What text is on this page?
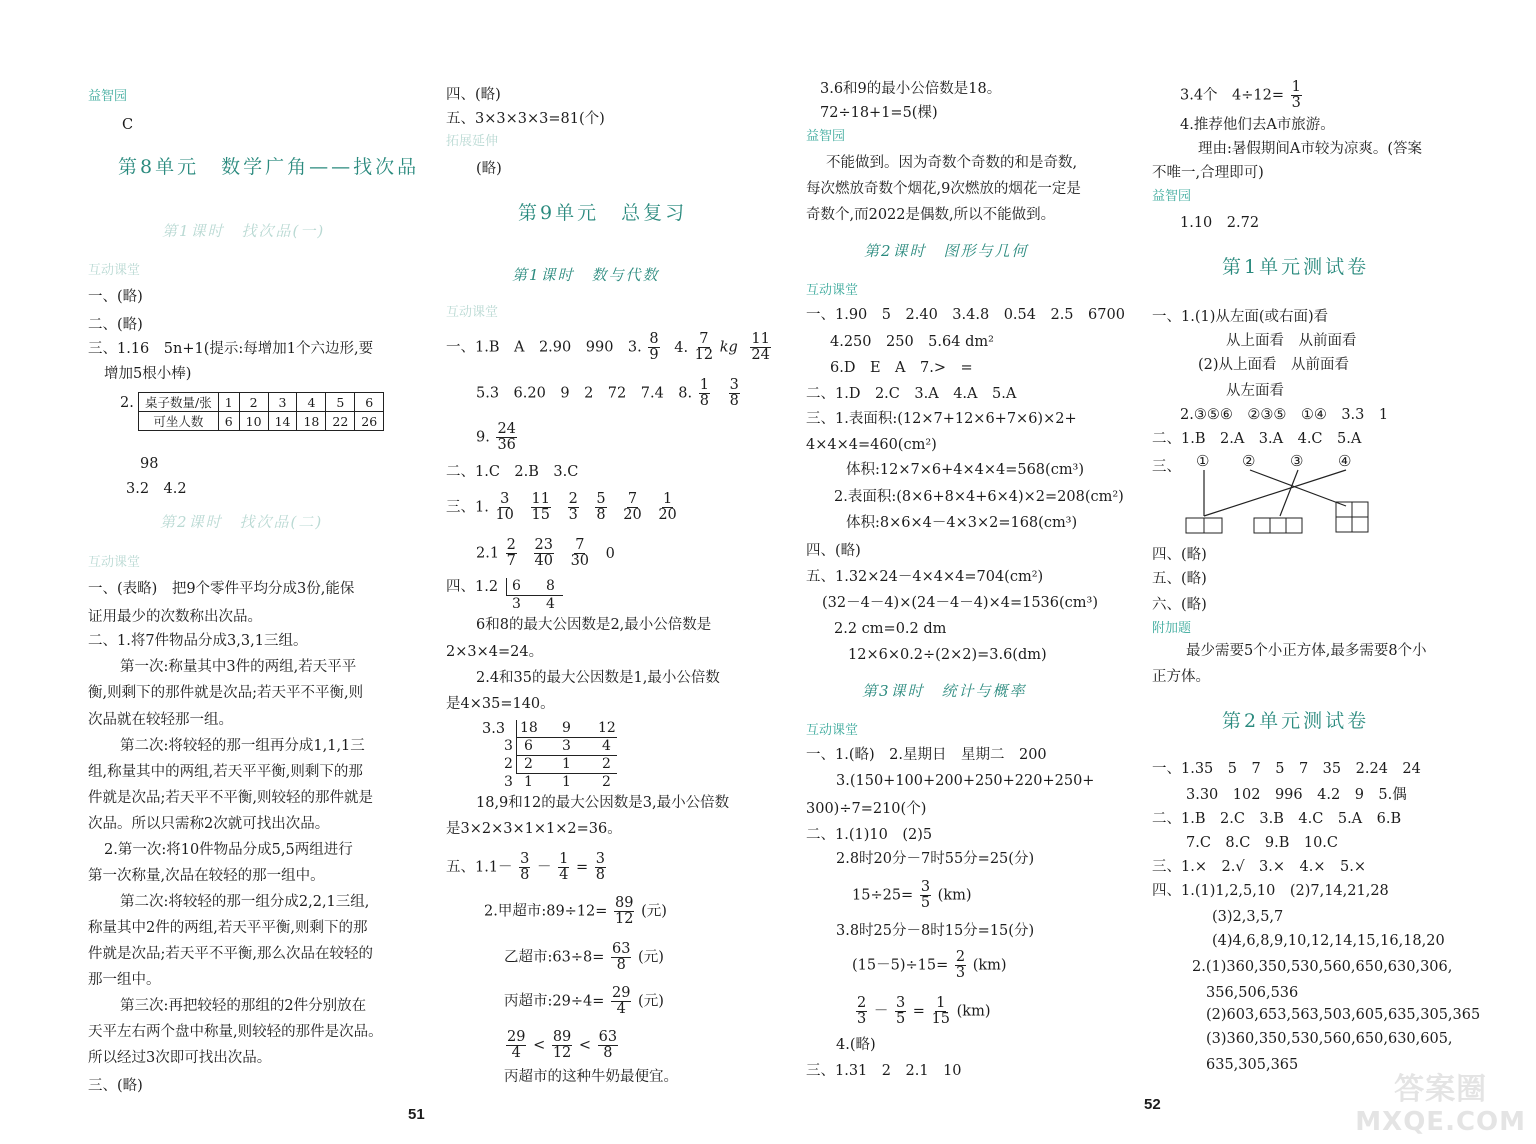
益智园
C
第8单元　数学广角——找次品
第1课时　找次品(一)
互动课堂
一、(略)
二、(略)
三、1.16　5n+1(提示:每增加1个六边形,要
增加5根小棒)
2. 桌子数量/张	1	2	3	4	5	6
可坐人数	6	10	14	18	22	26
98
3.2　4.2
第2课时　找次品(二)
互动课堂
一、(表略)　把9个零件平均分成3份,能保
证用最少的次数称出次品。
二、1.将7件物品分成3,3,1三组。
第一次:称量其中3件的两组,若天平平
衡,则剩下的那件就是次品;若天平不平衡,则
次品就在较轻那一组。
第二次:将较轻的那一组再分成1,1,1三
组,称量其中的两组,若天平平衡,则剩下的那
件就是次品;若天平不平衡,则较轻的那件就是
次品。所以只需称2次就可找出次品。
2.第一次:将10件物品分成5,5两组进行
第一次称量,次品在较轻的那一组中。
第二次:将较轻的那一组分成2,2,1三组,
称量其中2件的两组,若天平平衡,则剩下的那
件就是次品;若天平不平衡,那么次品在较轻的
那一组中。
第三次:再把较轻的那组的2件分别放在
天平左右两个盘中称量,则较轻的那件是次品。
所以经过3次即可找出次品。
三、(略)
51
四、(略)
五、3×3×3×3=81(个)
拓展延伸
(略)
第9单元　总复习
第1课时　数与代数
互动课堂
一、1.B　A　2.90　990　3. $\frac{8}{9} 4$. $\frac{7}{12}$ kg $\frac{11}{24}$
5.3　6.20　9　2　72　7.4　8. $\frac{1}{8}$
$\frac{3}{8}$
9. $\frac{24}{36}$
二、1.C　2.B　3.C
三、1. $\frac{3}{10}$
$\frac{11}{15}$
$\frac{2}{3}$
$\frac{5}{8}$
$\frac{7}{20}$
$\frac{1}{20}$
$2.1 \frac{2}{7}$
$\frac{23}{40}$
$\frac{7}{30} 0$
四、1.2 6 8
3 4
6和8的最大公因数是2,最小公倍数是
2×3×4=24。
2.4和35的最大公因数是1,最小公倍数
是4×35=140。
3.3
3
2
3
18 9 12
6 3 4
2 1 2
1 1 2
18,9和12的最大公因数是3,最小公倍数
是3×2×3×1×1×2=36。
五、$1.1- \frac{3}{8} - \frac{1}{4} = \frac{3}{8}$
2.甲超市:89÷12= $\frac{89}{12}$ (元)
乙超市:63÷8= $\frac{63}{8}$ (元)
丙超市:29÷4= $\frac{29}{4}$ (元)
$\frac{29}{4} < \frac{89}{12} < \frac{63}{8}$
丙超市的这种牛奶最便宜。
3.6和9的最小公倍数是18。
72÷18+1=5(棵)
益智园
不能做到。因为奇数个奇数的和是奇数,
每次燃放奇数个烟花,9次燃放的烟花一定是
奇数个,而2022是偶数,所以不能做到。
第2课时　图形与几何
互动课堂
一、1.90　5　2.40　3.4.8　0.54　2.5　6700
4.250　250　5.64 dm²
6.D　E　A　7.>　=
二、1.D　2.C　3.A　4.A　5.A
三、1.表面积:(12×7+12×6+7×6)×2+
4×4×4=460(cm²)
体积:12×7×6+4×4×4=568(cm³)
2.表面积:(8×6+8×4+6×4)×2=208(cm²)
体积:8×6×4－4×3×2=168(cm³)
四、(略)
五、1.32×24－4×4×4=704(cm²)
(32－4－4)×(24－4－4)×4=1536(cm³)
2.2 cm=0.2 dm
12×6×0.2÷(2×2)=3.6(dm)
第3课时　统计与概率
互动课堂
一、1.(略)　2.星期日　星期二　200
3.(150+100+200+250+220+250+
300)÷7=210(个)
二、1.(1)10　(2)5
2.8时20分－7时55分=25(分)
$15\div 25= \frac{3}{5} (km)$
3.8时25分－8时15分=15(分)
$(15-5)\div 15= \frac{2}{3} (km)$
$\frac{2}{3} - \frac{3}{5} = \frac{1}{15} (km)$
4.(略)
三、1.31　2　2.1　10
3.4个　$4\div 12= \frac{1}{3}$
4.推荐他们去A市旅游。
理由:暑假期间A市较为凉爽。(答案
不唯一,合理即可)
益智园
1.10　2.72
第1单元测试卷
一、1.(1)从左面(或右面)看
从上面看　从前面看
(2)从上面看　从前面看
从左面看
2.③⑤⑥　②③⑤　①④　3.3　1
二、1.B　2.A　3.A　4.C　5.A
三、 ① ② ③ ④
四、(略)
五、(略)
六、(略)
附加题
最少需要5个小正方体,最多需要8个小
正方体。
第2单元测试卷
一、1.35　5　7　5　7　35　2.24　24
3.30　102　996　4.2　9　5.偶
二、1.B　2.C　3.B　4.C　5.A　6.B
7.C　8.C　9.B　10.C
三、1.×　2.√　3.×　4.×　5.×
四、1.(1)1,2,5,10　(2)7,14,21,28
(3)2,3,5,7
(4)4,6,8,9,10,12,14,15,16,18,20
2.(1)360,350,530,560,650,630,306,
356,506,536
(2)603,653,563,503,605,635,305,365
(3)360,350,530,560,650,630,605,
635,305,365
52	答案圈
MXQE.COM
